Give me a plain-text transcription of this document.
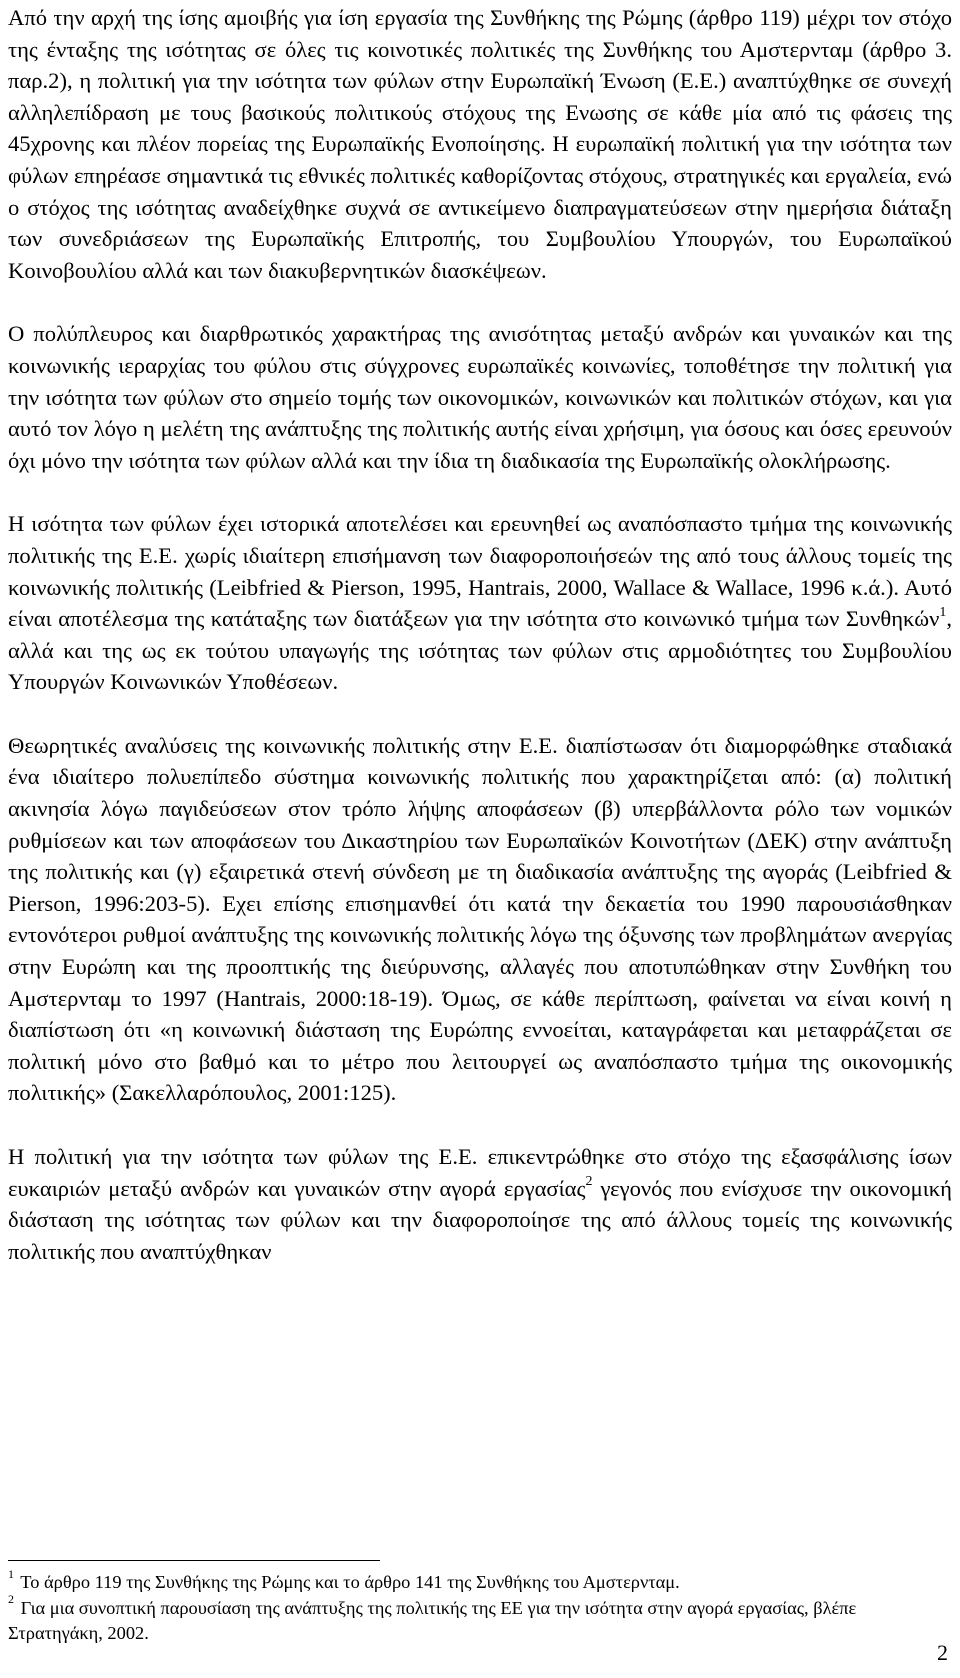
Από την αρχή της ίσης αμοιβής για ίση εργασία της Συνθήκης της Ρώμης (άρθρο 119) μέχρι τον στόχο της ένταξης της ισότητας σε όλες τις κοινοτικές πολιτικές της Συνθήκης του Αμστερνταμ (άρθρο 3. παρ.2), η πολιτική για την ισότητα των φύλων στην Ευρωπαϊκή Ένωση (Ε.Ε.) αναπτύχθηκε σε συνεχή αλληλεπίδραση με τους βασικούς πολιτικούς στόχους της Ενωσης σε κάθε μία από τις φάσεις της 45χρονης και πλέον πορείας της Ευρωπαϊκής Ενοποίησης. Η ευρωπαϊκή πολιτική για την ισότητα των φύλων επηρέασε σημαντικά τις εθνικές πολιτικές καθορίζοντας στόχους, στρατηγικές και εργαλεία, ενώ ο στόχος της ισότητας αναδείχθηκε συχνά σε αντικείμενο διαπραγματεύσεων στην ημερήσια διάταξη των συνεδριάσεων της Ευρωπαϊκής Επιτροπής, του Συμβουλίου Υπουργών, του Ευρωπαϊκού Κοινοβουλίου αλλά και των διακυβερνητικών διασκέψεων.

Ο πολύπλευρος και διαρθρωτικός χαρακτήρας της ανισότητας μεταξύ ανδρών και γυναικών και της κοινωνικής ιεραρχίας του φύλου στις σύγχρονες ευρωπαϊκές κοινωνίες, τοποθέτησε την πολιτική για την ισότητα των φύλων στο σημείο τομής των οικονομικών, κοινωνικών και πολιτικών στόχων, και για αυτό τον λόγο η μελέτη της ανάπτυξης της πολιτικής αυτής είναι χρήσιμη, για όσους και όσες ερευνούν όχι μόνο την ισότητα των φύλων αλλά και την ίδια τη διαδικασία της Ευρωπαϊκής ολοκλήρωσης.

Η ισότητα των φύλων έχει ιστορικά αποτελέσει και ερευνηθεί ως αναπόσπαστο τμήμα της κοινωνικής πολιτικής της Ε.Ε. χωρίς ιδιαίτερη επισήμανση των διαφοροποιήσεών της από τους άλλους τομείς της κοινωνικής πολιτικής (Leibfried & Pierson, 1995, Hantrais, 2000, Wallace & Wallace, 1996 κ.ά.). Αυτό είναι αποτέλεσμα της κατάταξης των διατάξεων για την ισότητα στο κοινωνικό τμήμα των Συνθηκών$^1$, αλλά και της ως εκ τούτου υπαγωγής της ισότητας των φύλων στις αρμοδιότητες του Συμβουλίου Υπουργών Κοινωνικών Υποθέσεων.

Θεωρητικές αναλύσεις της κοινωνικής πολιτικής στην Ε.Ε. διαπίστωσαν ότι διαμορφώθηκε σταδιακά ένα ιδιαίτερο πολυεπίπεδο σύστημα κοινωνικής πολιτικής που χαρακτηρίζεται από: (α) πολιτική ακινησία λόγω παγιδεύσεων στον τρόπο λήψης αποφάσεων (β) υπερβάλλοντα ρόλο των νομικών ρυθμίσεων και των αποφάσεων του Δικαστηρίου των Ευρωπαϊκών Κοινοτήτων (ΔΕΚ) στην ανάπτυξη της πολιτικής και (γ) εξαιρετικά στενή σύνδεση με τη διαδικασία ανάπτυξης της αγοράς (Leibfried & Pierson, 1996:203-5). Εχει επίσης επισημανθεί ότι κατά την δεκαετία του 1990 παρουσιάσθηκαν εντονότεροι ρυθμοί ανάπτυξης της κοινωνικής πολιτικής λόγω της όξυνσης των προβλημάτων ανεργίας στην Ευρώπη και της προοπτικής της διεύρυνσης, αλλαγές που αποτυπώθηκαν στην Συνθήκη του Αμστερνταμ το 1997 (Hantrais, 2000:18-19). Όμως, σε κάθε περίπτωση, φαίνεται να είναι κοινή η διαπίστωση ότι «η κοινωνική διάσταση της Ευρώπης εννοείται, καταγράφεται και μεταφράζεται σε πολιτική μόνο στο βαθμό και το μέτρο που λειτουργεί ως αναπόσπαστο τμήμα της οικονομικής πολιτικής» (Σακελλαρόπουλος, 2001:125).

Η πολιτική για την ισότητα των φύλων της Ε.Ε. επικεντρώθηκε στο στόχο της εξασφάλισης ίσων ευκαιριών μεταξύ ανδρών και γυναικών στην αγορά εργασίας$^2$ γεγονός που ενίσχυσε την οικονομική διάσταση της ισότητας των φύλων και την διαφοροποίησε της από άλλους τομείς της κοινωνικής πολιτικής που αναπτύχθηκαν

$^1$ Το άρθρο 119 της Συνθήκης της Ρώμης και το άρθρο 141 της Συνθήκης του Αμστερνταμ.

$^2$ Για μια συνοπτική παρουσίαση της ανάπτυξης της πολιτικής της ΕΕ για την ισότητα στην αγορά εργασίας, βλέπε Στρατηγάκη, 2002.

2
